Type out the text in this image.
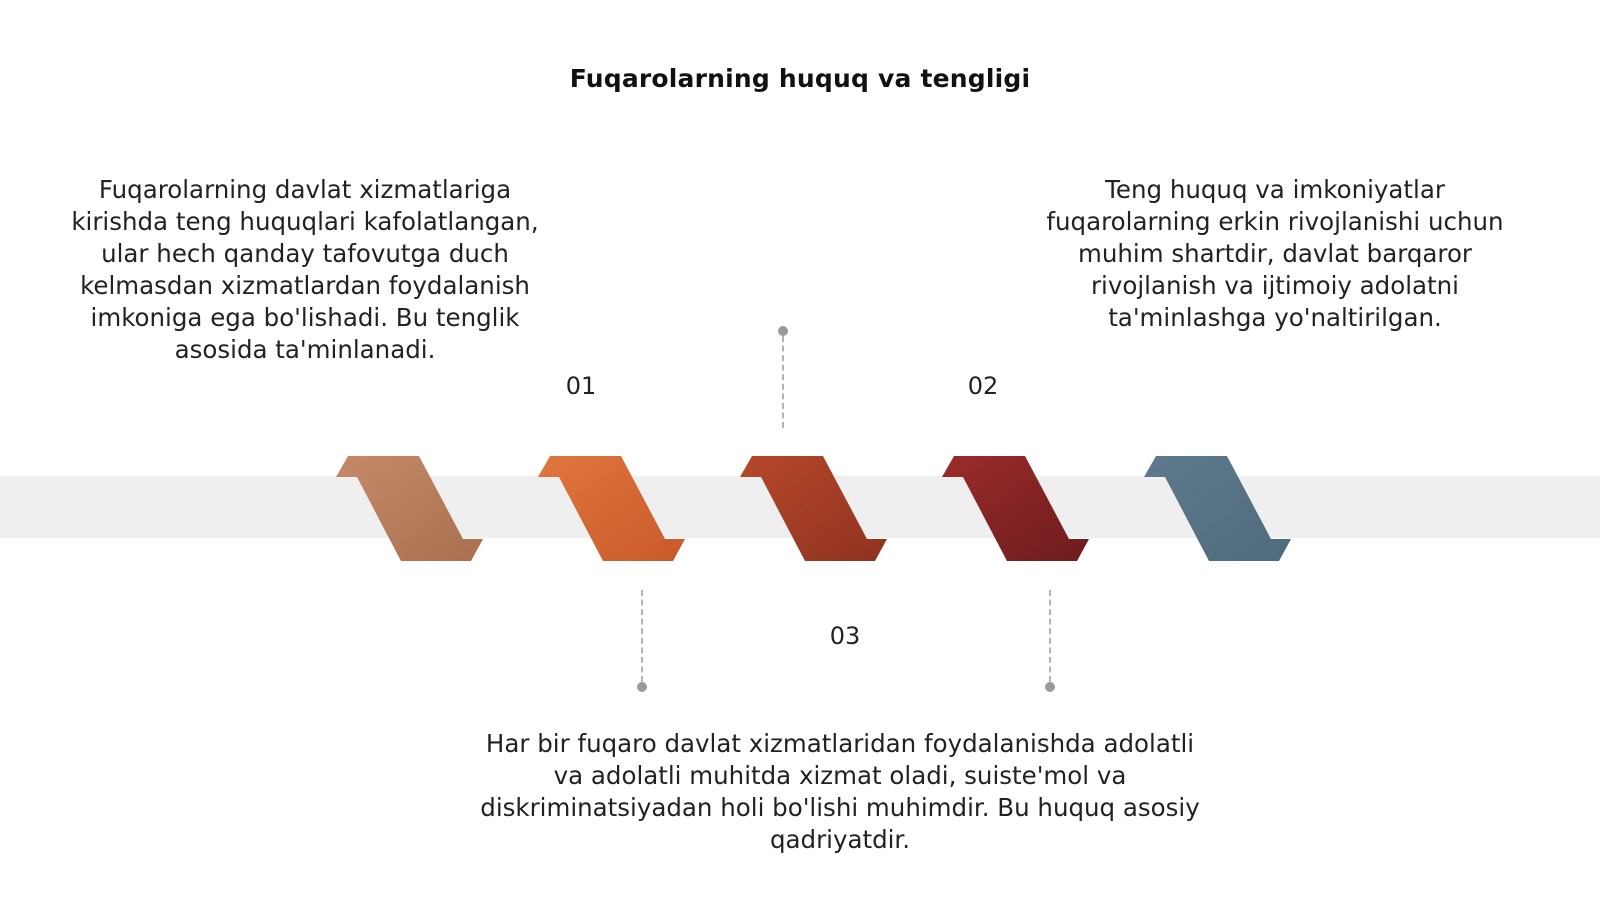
Fuqarolarning huquq va tengligi
01	02
03
Fuqarolarning davlat xizmatlariga kirishda teng huquqlari kafolatlangan, ular hech qanday tafovutga duch kelmasdan xizmatlardan foydalanish imkoniga ega bo'lishadi. Bu tenglik asosida ta'minlanadi.
Teng huquq va imkoniyatlar fuqarolarning erkin rivojlanishi uchun muhim shartdir, davlat barqaror rivojlanish va ijtimoiy adolatni ta'minlashga yo'naltirilgan.
Har bir fuqaro davlat xizmatlaridan foydalanishda adolatli va adolatli muhitda xizmat oladi, suiste'mol va diskriminatsiyadan holi bo'lishi muhimdir. Bu huquq asosiy qadriyatdir.
